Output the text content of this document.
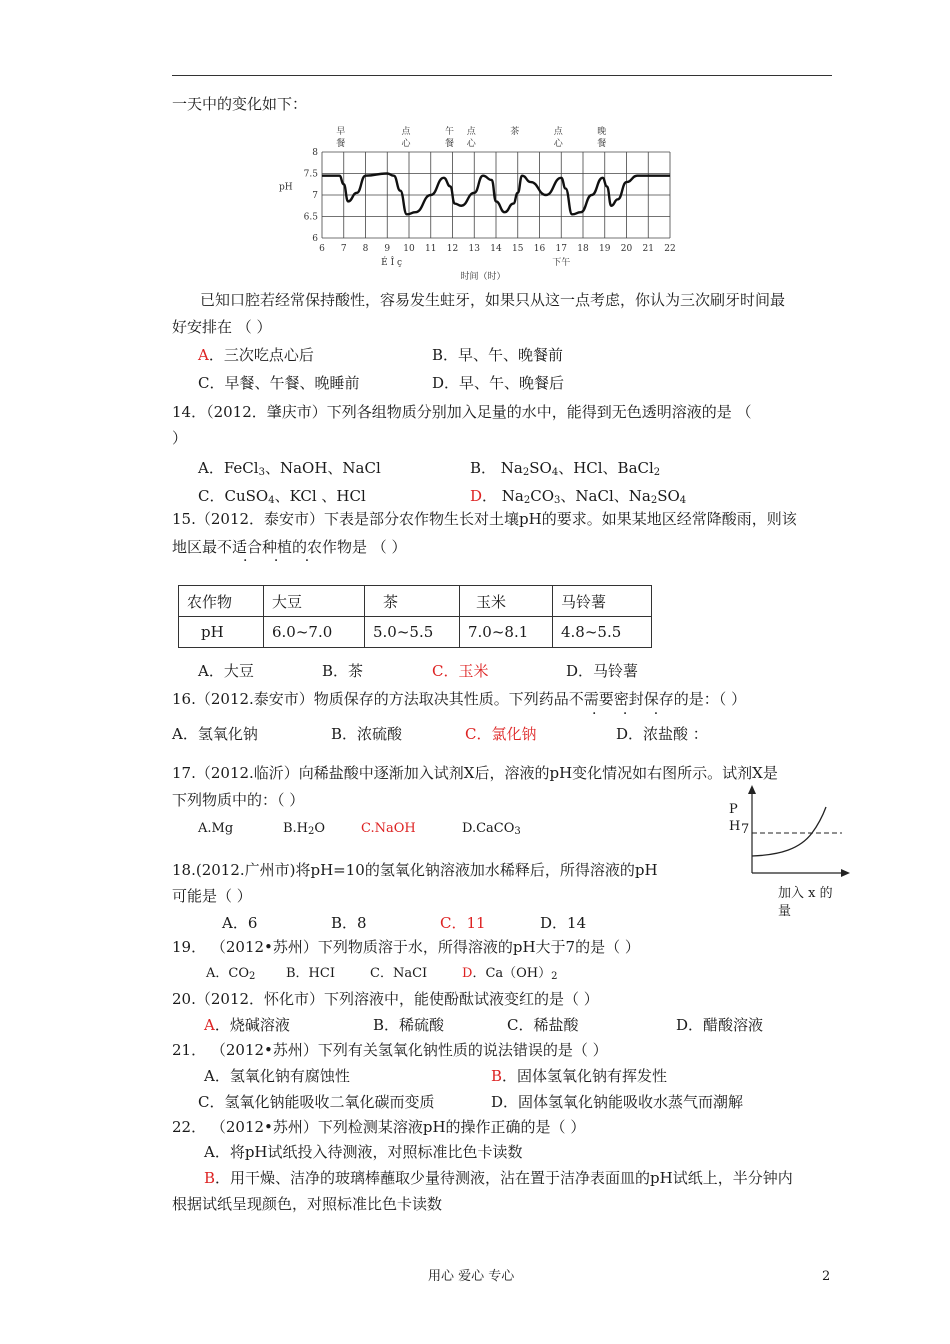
一天中的变化如下：
8
7.5
7
6.5
6
pH
6 7 8 9 10 11 12 13 14 15 16 17 18 19 20 21 22
早
餐
点
心
午
餐
点
心
茶	点
心
晚
餐
É Î ç	下午
时间（时）
已知口腔若经常保持酸性，容易发生蛀牙，如果只从这一点考虑，你认为三次刷牙时间最
好安排在 （ ）
A．三次吃点心后	B．早、午、晚餐前
C．早餐、午餐、晚睡前	D．早、午、晚餐后
14．（2012．肇庆市）下列各组物质分别加入足量的水中，能得到无色透明溶液的是 （
）
A．FeCl$_3$、NaOH、NaCl	B． $Na_2SO_4$、HCl、BaCl$_2$
C．CuSO$_4$、KCl 、HCl	D． $Na_2CO_3$、NaCl、$Na_2SO_4$
15.（2012．泰安市）下表是部分农作物生长对土壤pH的要求。如果某地区经常降酸雨，则该
地区最不适合种植的农作物是 （ ）
· · ·
农作物	大豆	茶	玉米	马铃薯
pH	6.0~7.0	5.0~5.5	7.0~8.1	4.8~5.5
A．大豆	B．茶	C．玉米	D．马铃薯
16.（2012.泰安市）物质保存的方法取决其性质。下列药品不需要密封保存的是：（ ）
· · ·
A．氢氧化钠	B．浓硫酸	C．氯化钠	D．浓盐酸 ：
17.（2012.临沂）向稀盐酸中逐渐加入试剂X后，溶液的pH变化情况如右图所示。试剂X是
下列物质中的：（ ）
A.Mg	$B.H_2O$	C.NaOH	D.CaCO$_3$
P H 7
加入 x 的
量
18.(2012.广州市)将pH=10的氢氧化钠溶液加水稀释后，所得溶液的pH
可能是（ ）
A．6	B．8	C．11	D．14
19． （2012•苏州）下列物质溶于水，所得溶液的pH大于7的是（ ）
A．$CO_2$ B．HCI	C．NaCI	D．$Ca(OH)_2$
20.（2012．怀化市）下列溶液中，能使酚酞试液变红的是（ ）
A．烧碱溶液	B．稀硫酸	C．稀盐酸	D．醋酸溶液
21． （2012•苏州）下列有关氢氧化钠性质的说法错误的是（ ）
A．氢氧化钠有腐蚀性	B．固体氢氧化钠有挥发性
C．氢氧化钠能吸收二氧化碳而变质	D．固体氢氧化钠能吸收水蒸气而潮解
22． （2012•苏州）下列检测某溶液pH的操作正确的是（ ）
A．将pH试纸投入待测液，对照标准比色卡读数
B．用干燥、洁净的玻璃棒蘸取少量待测液，沾在置于洁净表面皿的pH试纸上，半分钟内
根据试纸呈现颜色，对照标准比色卡读数
用心 爱心 专心	2
